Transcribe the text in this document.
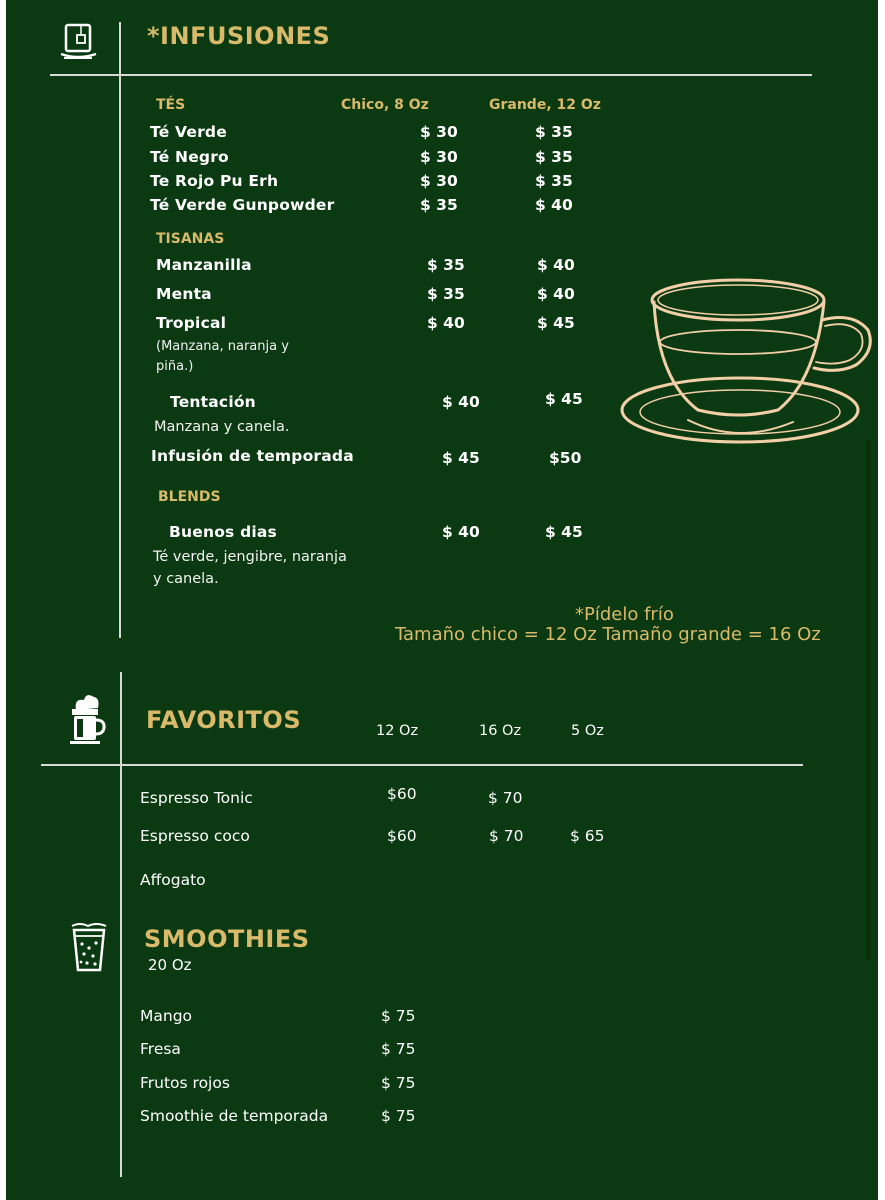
*INFUSIONES
TÉS	Chico, 8 Oz	Grande, 12 Oz
Té Verde	$ 30	$ 35
Té Negro	$ 30	$ 35
Te Rojo Pu Erh	$ 30	$ 35
Té Verde Gunpowder	$ 35	$ 40
TISANAS
Manzanilla	$ 35	$ 40
Menta	$ 35	$ 40
Tropical	$ 40	$ 45
(Manzana, naranja y
piña.)
Tentación	$ 40	$ 45
Manzana y canela.
Infusión de temporada	$ 45	$50
BLENDS
Buenos dias	$ 40	$ 45
Té verde, jengibre, naranja
y canela.
*Pídelo frío
Tamaño chico = 12 Oz Tamaño grande = 16 Oz
FAVORITOS	12 Oz	16 Oz	5 Oz
Espresso Tonic	$60	$ 70
Espresso coco	$60	$ 70	$ 65
Affogato
SMOOTHIES
20 Oz
Mango	$ 75
Fresa	$ 75
Frutos rojos	$ 75
Smoothie de temporada	$ 75
